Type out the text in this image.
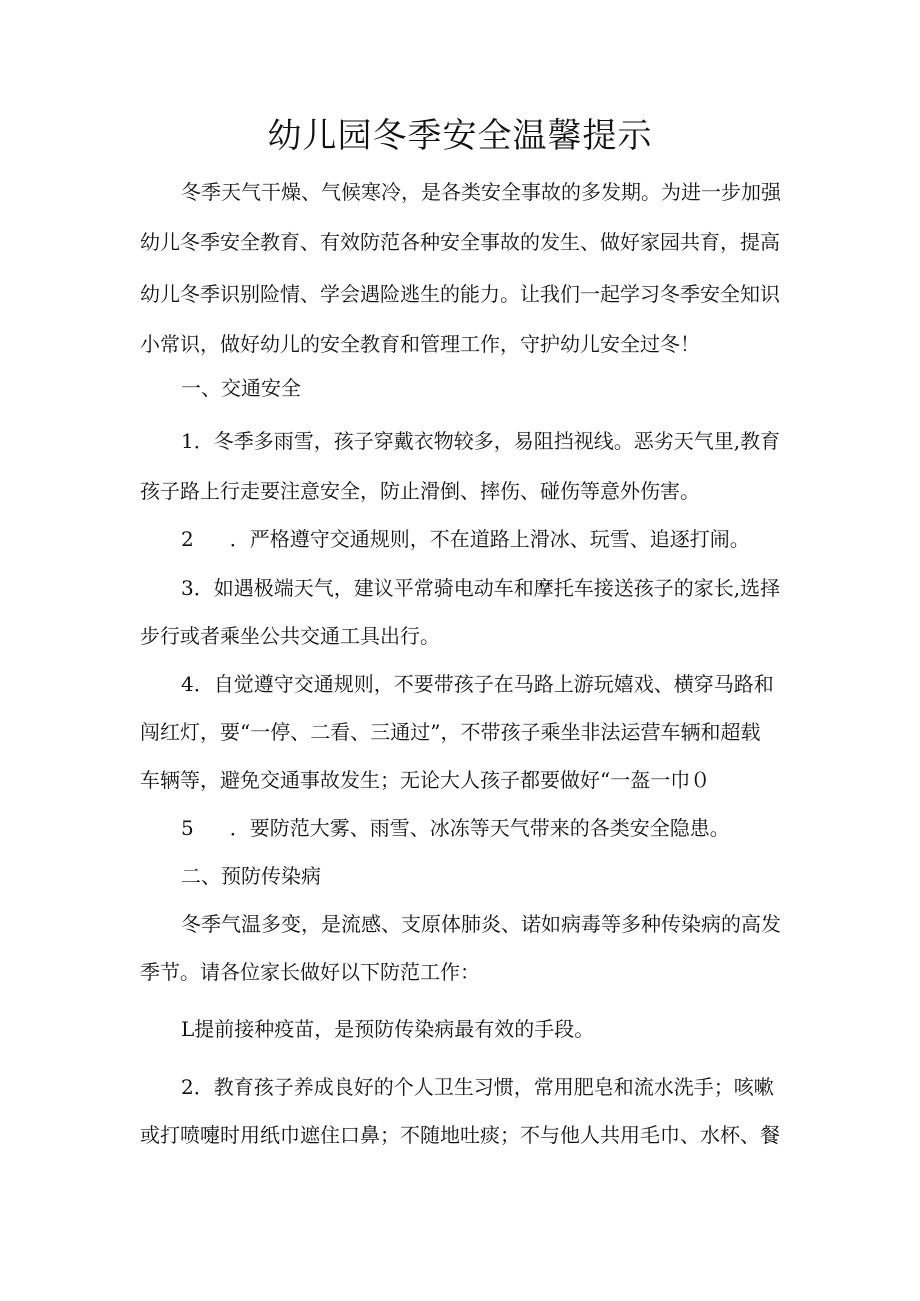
幼儿园冬季安全温馨提示
冬季天气干燥、气候寒冷，是各类安全事故的多发期。为进一步加强
幼儿冬季安全教育、有效防范各种安全事故的发生、做好家园共育，提高
幼儿冬季识别险情、学会遇险逃生的能力。让我们一起学习冬季安全知识
小常识，做好幼儿的安全教育和管理工作，守护幼儿安全过冬！
一、交通安全
1．冬季多雨雪，孩子穿戴衣物较多，易阻挡视线。恶劣天气里,教育
孩子路上行走要注意安全，防止滑倒、摔伤、碰伤等意外伤害。
2 ．严格遵守交通规则，不在道路上滑冰、玩雪、追逐打闹。
3．如遇极端天气，建议平常骑电动车和摩托车接送孩子的家长,选择
步行或者乘坐公共交通工具出行。
4．自觉遵守交通规则，不要带孩子在马路上游玩嬉戏、横穿马路和
闯红灯，要“一停、二看、三通过”，不带孩子乘坐非法运营车辆和超载
车辆等，避免交通事故发生；无论大人孩子都要做好“一盔一巾０
5 ．要防范大雾、雨雪、冰冻等天气带来的各类安全隐患。
二、预防传染病
冬季气温多变，是流感、支原体肺炎、诺如病毒等多种传染病的高发
季节。请各位家长做好以下防范工作：
L提前接种疫苗，是预防传染病最有效的手段。
2．教育孩子养成良好的个人卫生习惯，常用肥皂和流水洗手；咳嗽
或打喷嚏时用纸巾遮住口鼻；不随地吐痰；不与他人共用毛巾、水杯、餐
